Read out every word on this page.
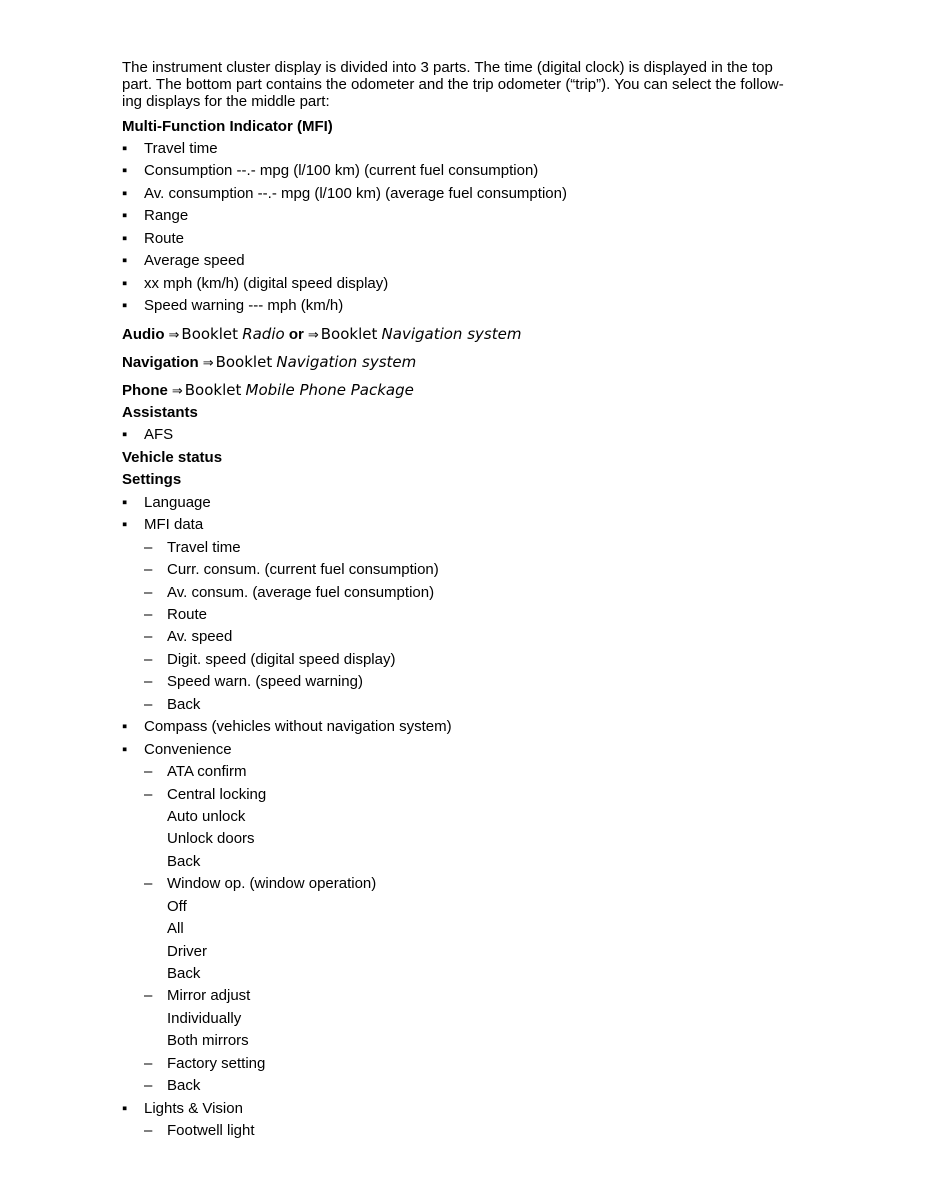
The instrument cluster display is divided into 3 parts. The time (digital clock) is displayed in the top
part. The bottom part contains the odometer and the trip odometer (“trip”). You can select the follow-
ing displays for the middle part:

Multi-Function Indicator (MFI)
▪	Travel time
▪	Consumption --.- mpg (l/100 km) (current fuel consumption)
▪	Av. consumption --.- mpg (l/100 km) (average fuel consumption)
▪	Range
▪	Route
▪	Average speed
▪	xx mph (km/h) (digital speed display)
▪	Speed warning --- mph (km/h)
Audio ⇒ Booklet Radio or ⇒ Booklet Navigation system
Navigation ⇒ Booklet Navigation system
Phone ⇒ Booklet Mobile Phone Package
Assistants
▪	AFS
Vehicle status
Settings
▪	Language
▪	MFI data
– Travel time
– Curr. consum. (current fuel consumption)
– Av. consum. (average fuel consumption)
– Route
– Av. speed
– Digit. speed (digital speed display)
– Speed warn. (speed warning)
– Back
▪	Compass (vehicles without navigation system)
▪	Convenience
– ATA confirm
– Central locking
Auto unlock
Unlock doors
Back
– Window op. (window operation)
Off
All
Driver
Back
– Mirror adjust
Individually
Both mirrors
– Factory setting
– Back
▪	Lights & Vision
– Footwell light
